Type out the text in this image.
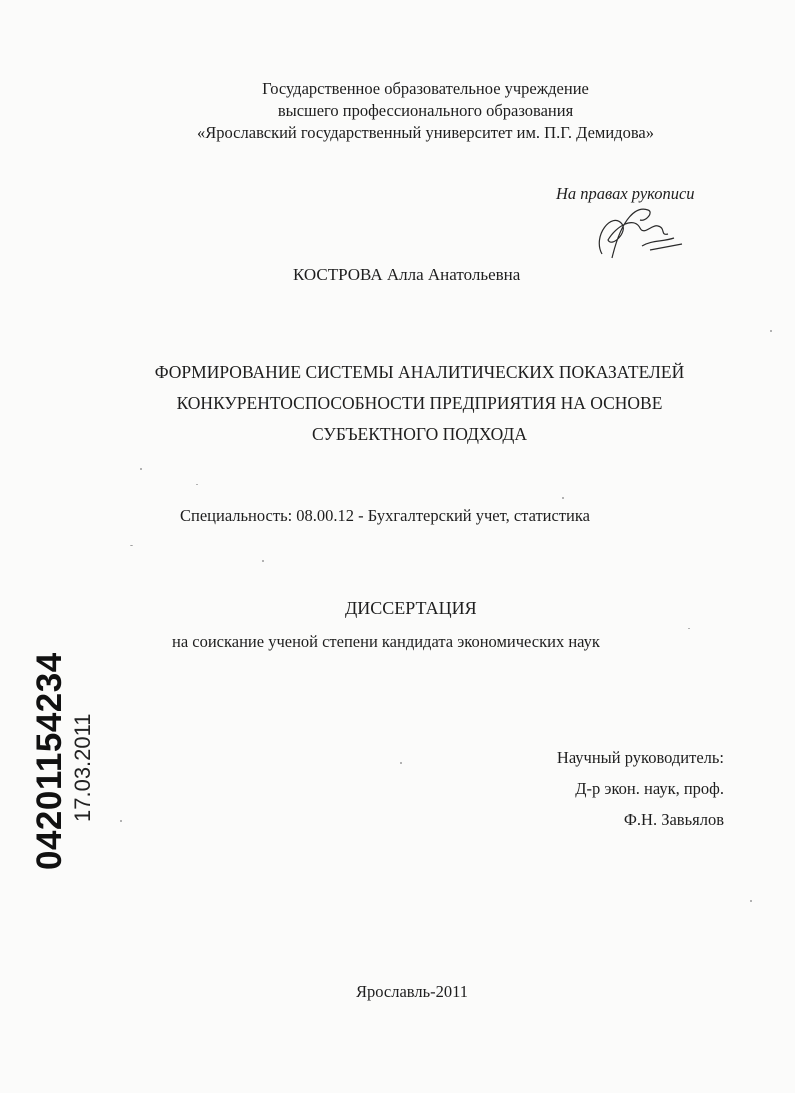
Государственное образовательное учреждение
высшего профессионального образования
«Ярославский государственный университет им. П.Г. Демидова»
На правах рукописи
КОСТРОВА Алла Анатольевна
ФОРМИРОВАНИЕ СИСТЕМЫ АНАЛИТИЧЕСКИХ ПОКАЗАТЕЛЕЙ
КОНКУРЕНТОСПОСОБНОСТИ ПРЕДПРИЯТИЯ НА ОСНОВЕ
СУБЪЕКТНОГО ПОДХОДА
Специальность: 08.00.12 - Бухгалтерский учет, статистика
ДИССЕРТАЦИЯ
на соискание ученой степени кандидата экономических наук
Научный руководитель:
Д-р экон. наук, проф.
Ф.Н. Завьялов
Ярославль-2011
04201154234 17.03.2011
